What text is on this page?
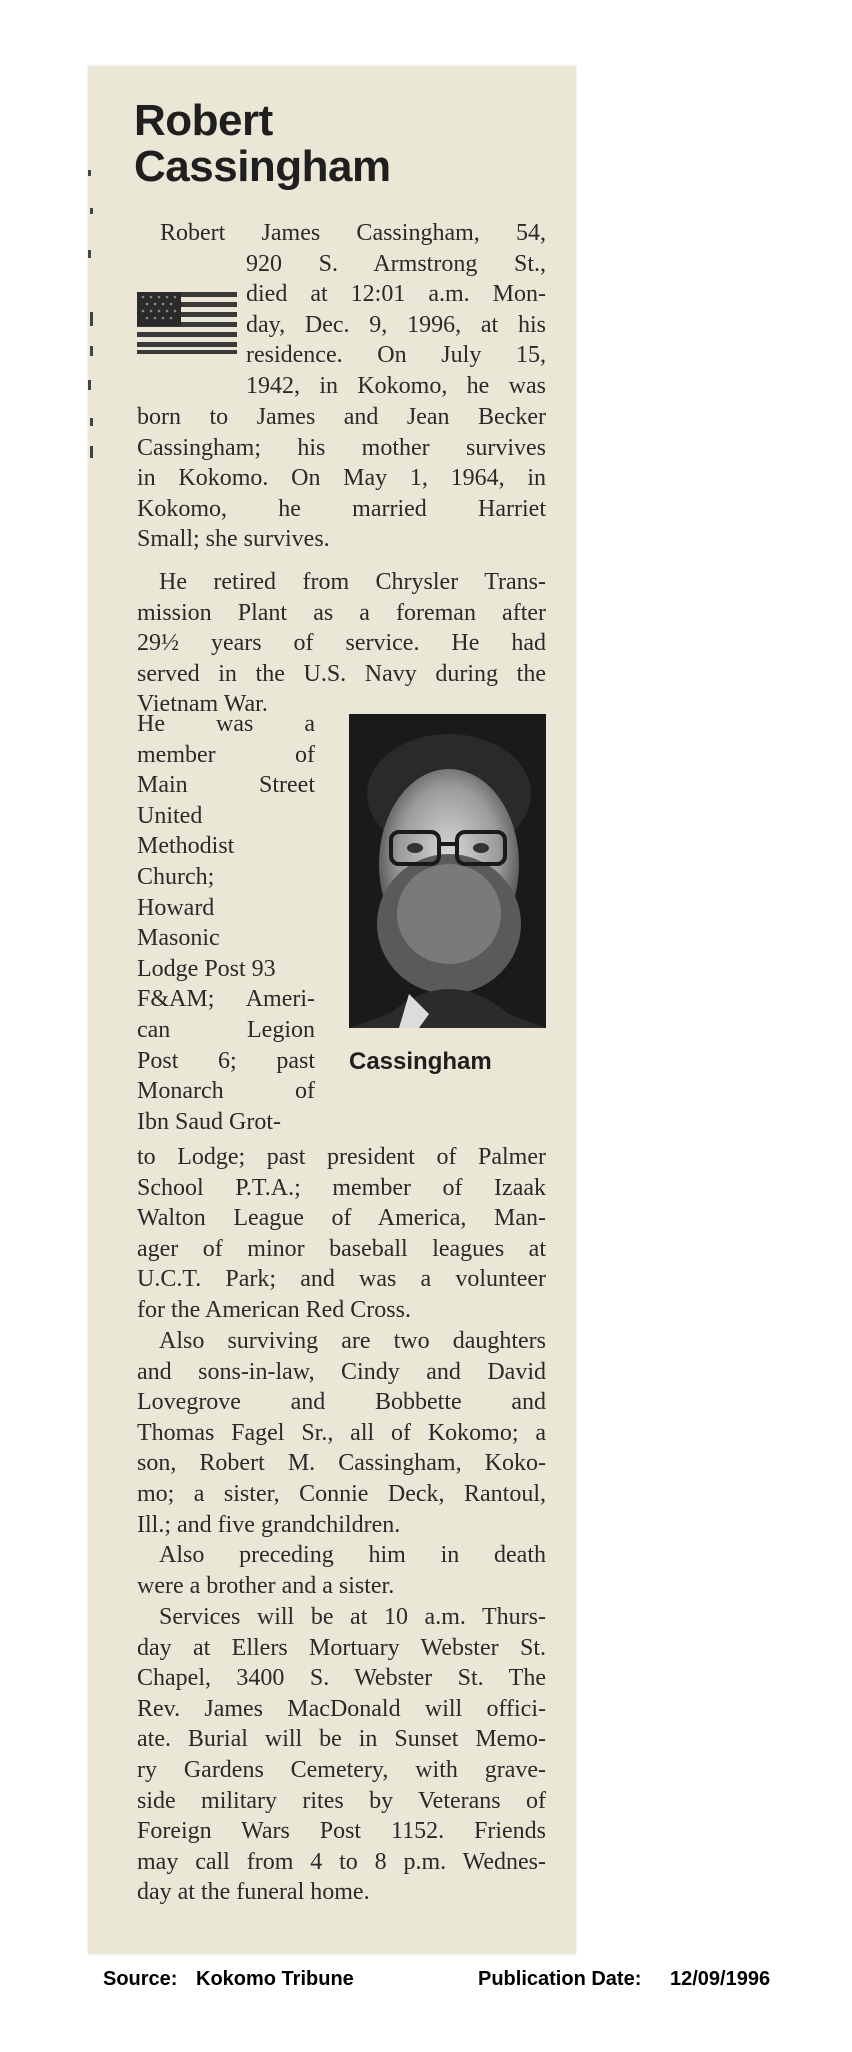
Robert
Cassingham
Robert James Cassingham, 54,
920 S. Armstrong St.,
died at 12:01 a.m. Mon-
day, Dec. 9, 1996, at his
residence. On July 15,
1942, in Kokomo, he was
born to James and Jean Becker
Cassingham; his mother survives
in Kokomo. On May 1, 1964, in
Kokomo, he married Harriet
Small; she survives.
He retired from Chrysler Trans-
mission Plant as a foreman after
29½ years of service. He had
served in the U.S. Navy during the
Vietnam War.
He was a
member of
Main Street
United
Methodist
Church;
Howard
Masonic
Lodge Post 93
F&AM; Ameri-
can Legion
Post 6; past
Monarch of
Ibn Saud Grot-
Cassingham
to Lodge; past president of Palmer
School P.T.A.; member of Izaak
Walton League of America, Man-
ager of minor baseball leagues at
U.C.T. Park; and was a volunteer
for the American Red Cross.
Also surviving are two daughters
and sons-in-law, Cindy and David
Lovegrove and Bobbette and
Thomas Fagel Sr., all of Kokomo; a
son, Robert M. Cassingham, Koko-
mo; a sister, Connie Deck, Rantoul,
Ill.; and five grandchildren.
Also preceding him in death
were a brother and a sister.
Services will be at 10 a.m. Thurs-
day at Ellers Mortuary Webster St.
Chapel, 3400 S. Webster St. The
Rev. James MacDonald will offici-
ate. Burial will be in Sunset Memo-
ry Gardens Cemetery, with grave-
side military rites by Veterans of
Foreign Wars Post 1152. Friends
may call from 4 to 8 p.m. Wednes-
day at the funeral home.
Source: Kokomo Tribune	Publication Date: 12/09/1996
